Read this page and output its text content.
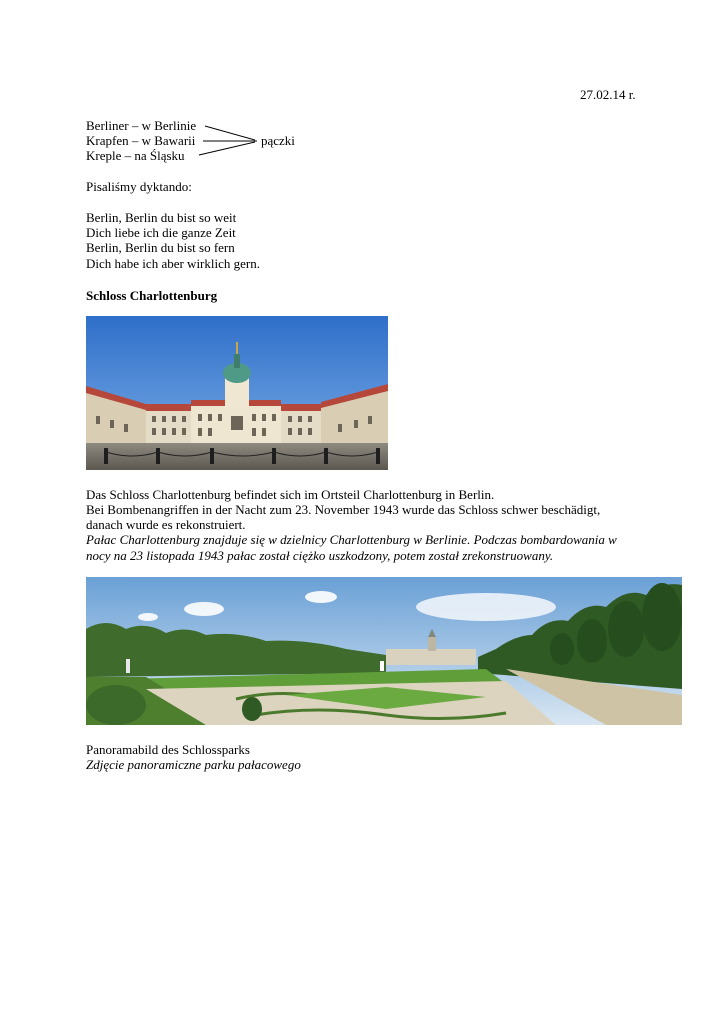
27.02.14 r.

Berliner – w Berlinie

Krapfen – w Bawarii

Kreple – na Śląsku

pączki

Pisaliśmy dyktando:

Berlin, Berlin du bist so weit

Dich liebe ich die ganze Zeit

Berlin, Berlin du bist so fern

Dich habe ich aber wirklich gern.

Schloss Charlottenburg

Das Schloss Charlottenburg befindet sich im Ortsteil Charlottenburg in Berlin.

Bei Bombenangriffen in der Nacht zum 23. November 1943 wurde das Schloss schwer beschädigt,

danach wurde es rekonstruiert.

Pałac Charlottenburg znajduje się w dzielnicy Charlottenburg w Berlinie. Podczas bombardowania w

nocy na 23 listopada 1943 pałac został ciężko uszkodzony, potem został zrekonstruowany.

Panoramabild des Schlossparks

Zdjęcie panoramiczne parku pałacowego
